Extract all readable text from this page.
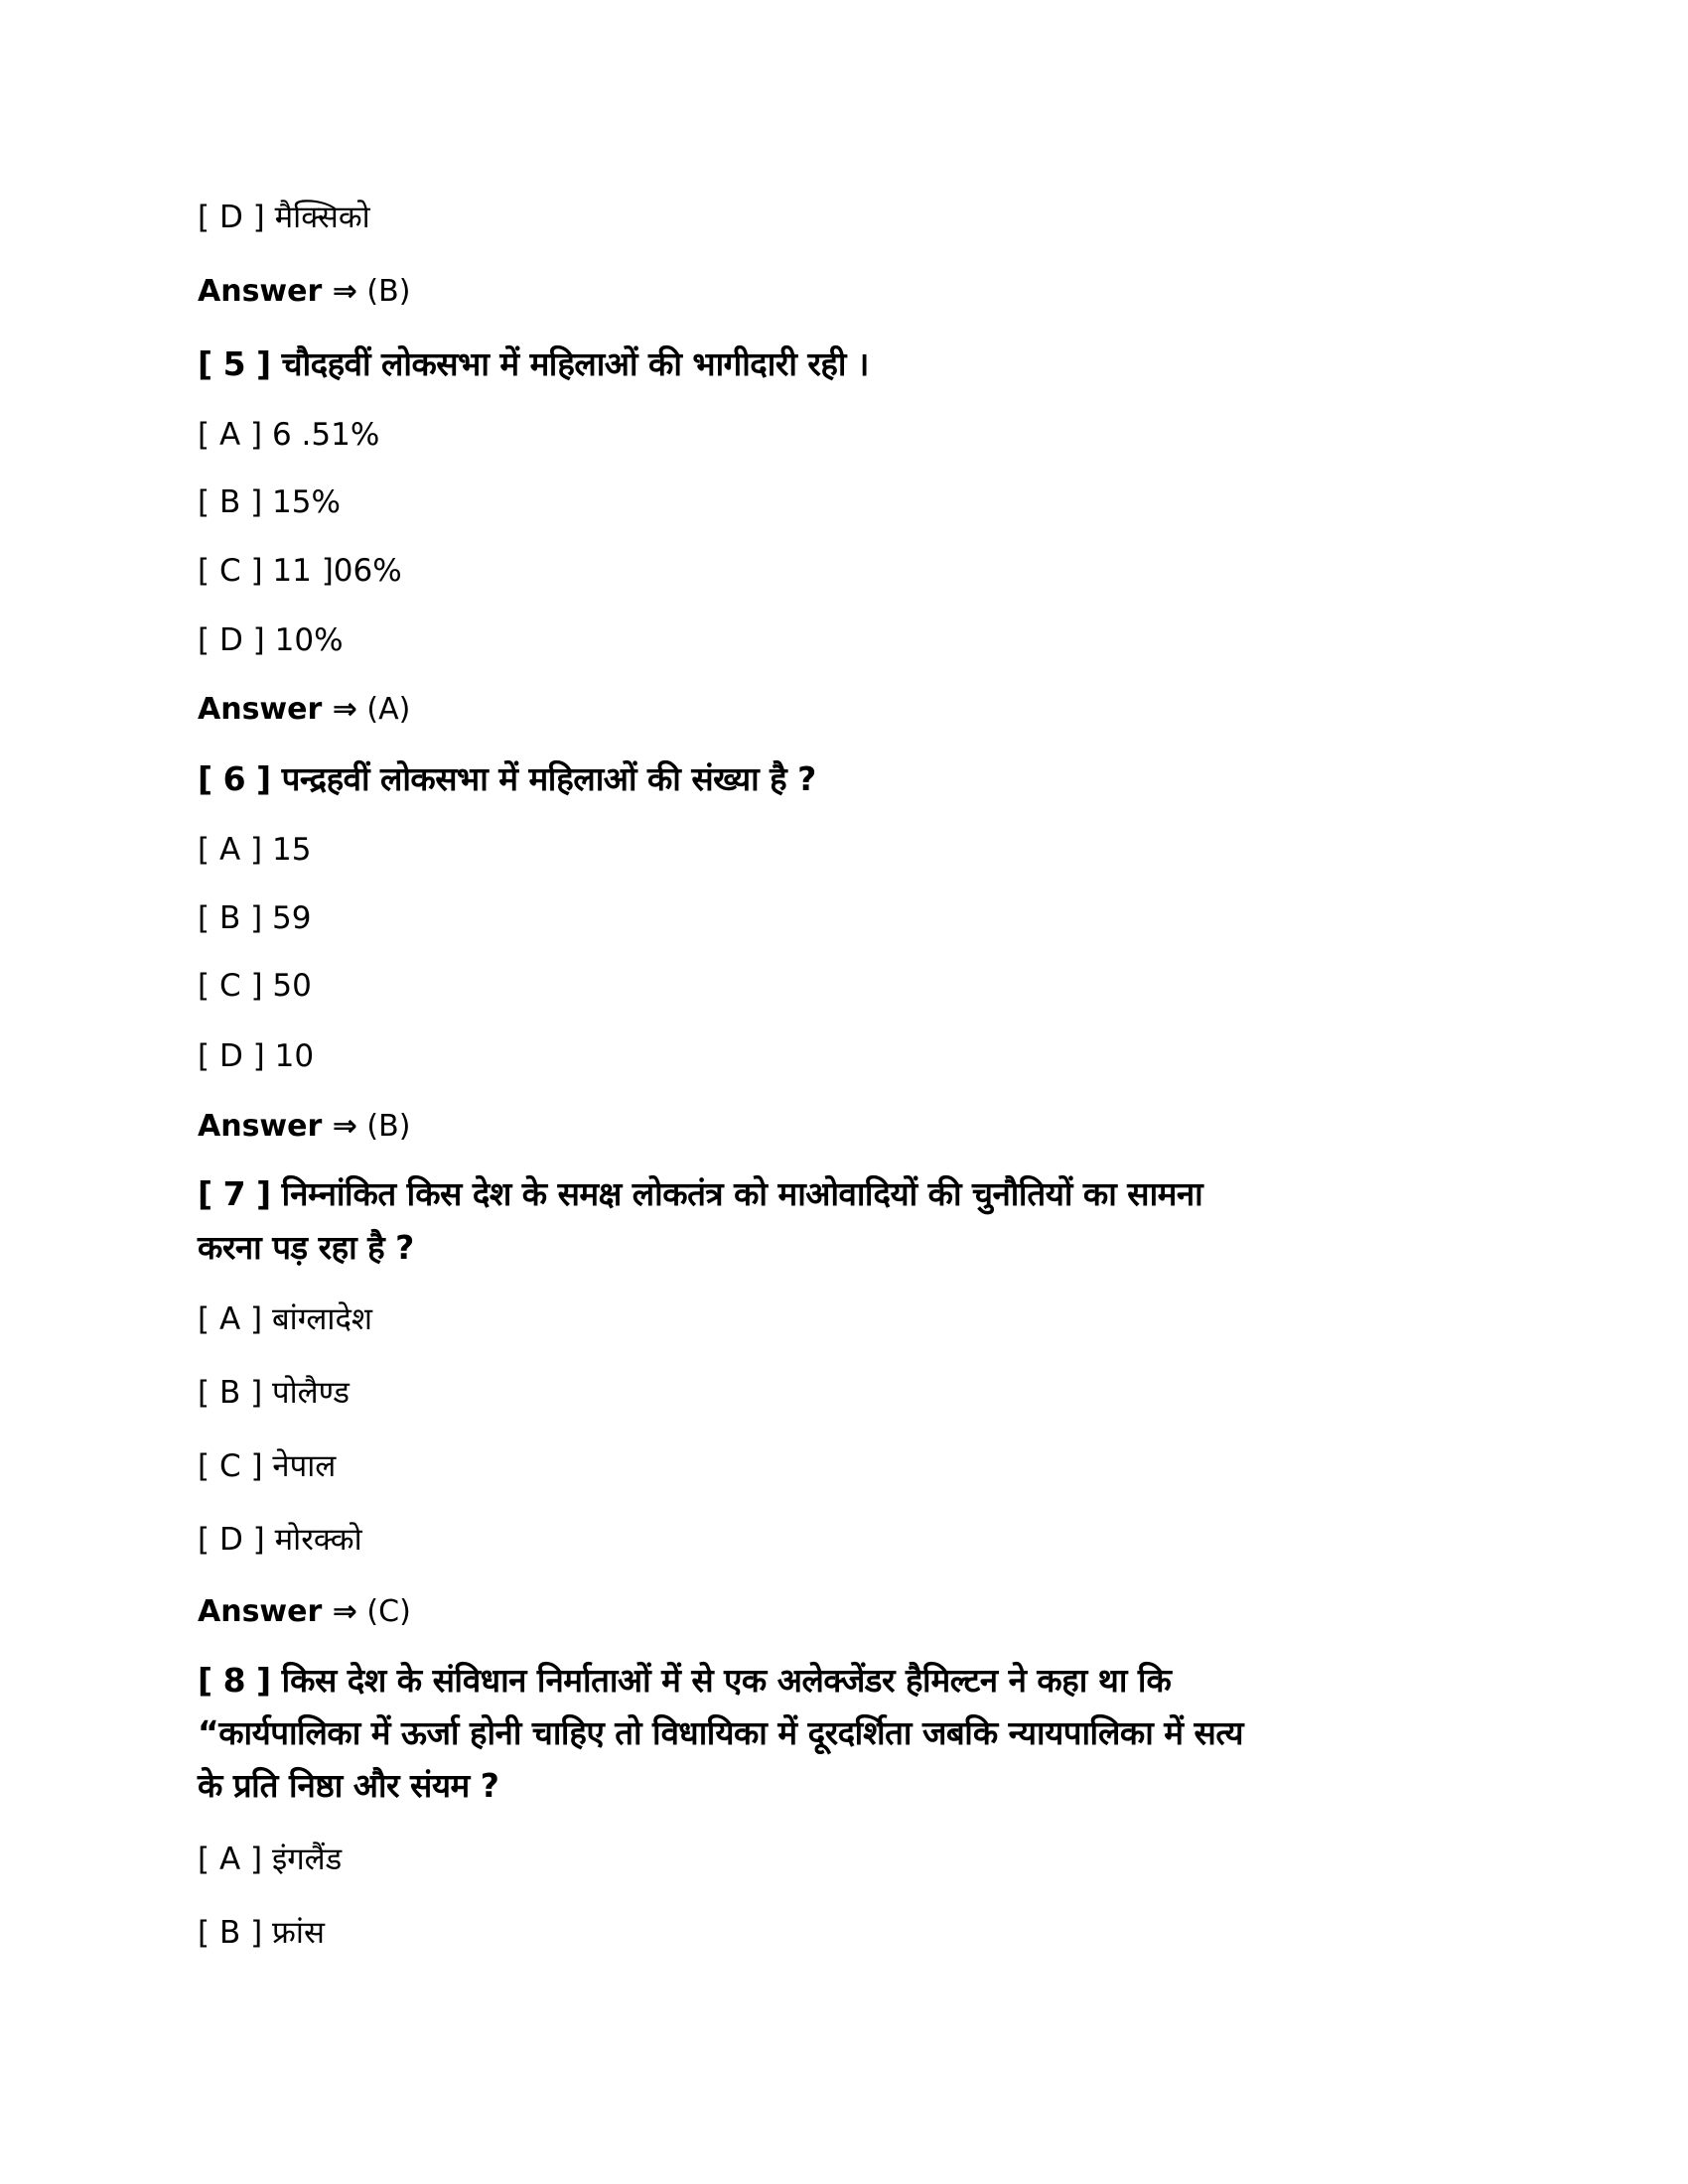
[ D ] मैक्सिको
Answer ⇒ (B)
[ 5 ] चौदहवीं लोकसभा में महिलाओं की भागीदारी रही ।
[ A ] 6 .51%
[ B ] 15%
[ C ] 11 ]06%
[ D ] 10%
Answer ⇒ (A)
[ 6 ] पन्द्रहवीं लोकसभा में महिलाओं की संख्या है ?
[ A ] 15
[ B ] 59
[ C ] 50
[ D ] 10
Answer ⇒ (B)
[ 7 ] निम्नांकित किस देश के समक्ष लोकतंत्र को माओवादियों की चुनौतियों का सामना
करना पड़ रहा है ?
[ A ] बांग्लादेश
[ B ] पोलैण्ड
[ C ] नेपाल
[ D ] मोरक्को
Answer ⇒ (C)
[ 8 ] किस देश के संविधान निर्माताओं में से एक अलेक्जेंडर हैमिल्टन ने कहा था कि
“कार्यपालिका में ऊर्जा होनी चाहिए तो विधायिका में दूरदर्शिता जबकि न्यायपालिका में सत्य
के प्रति निष्ठा और संयम ?
[ A ] इंगलैंड
[ B ] फ्रांस
